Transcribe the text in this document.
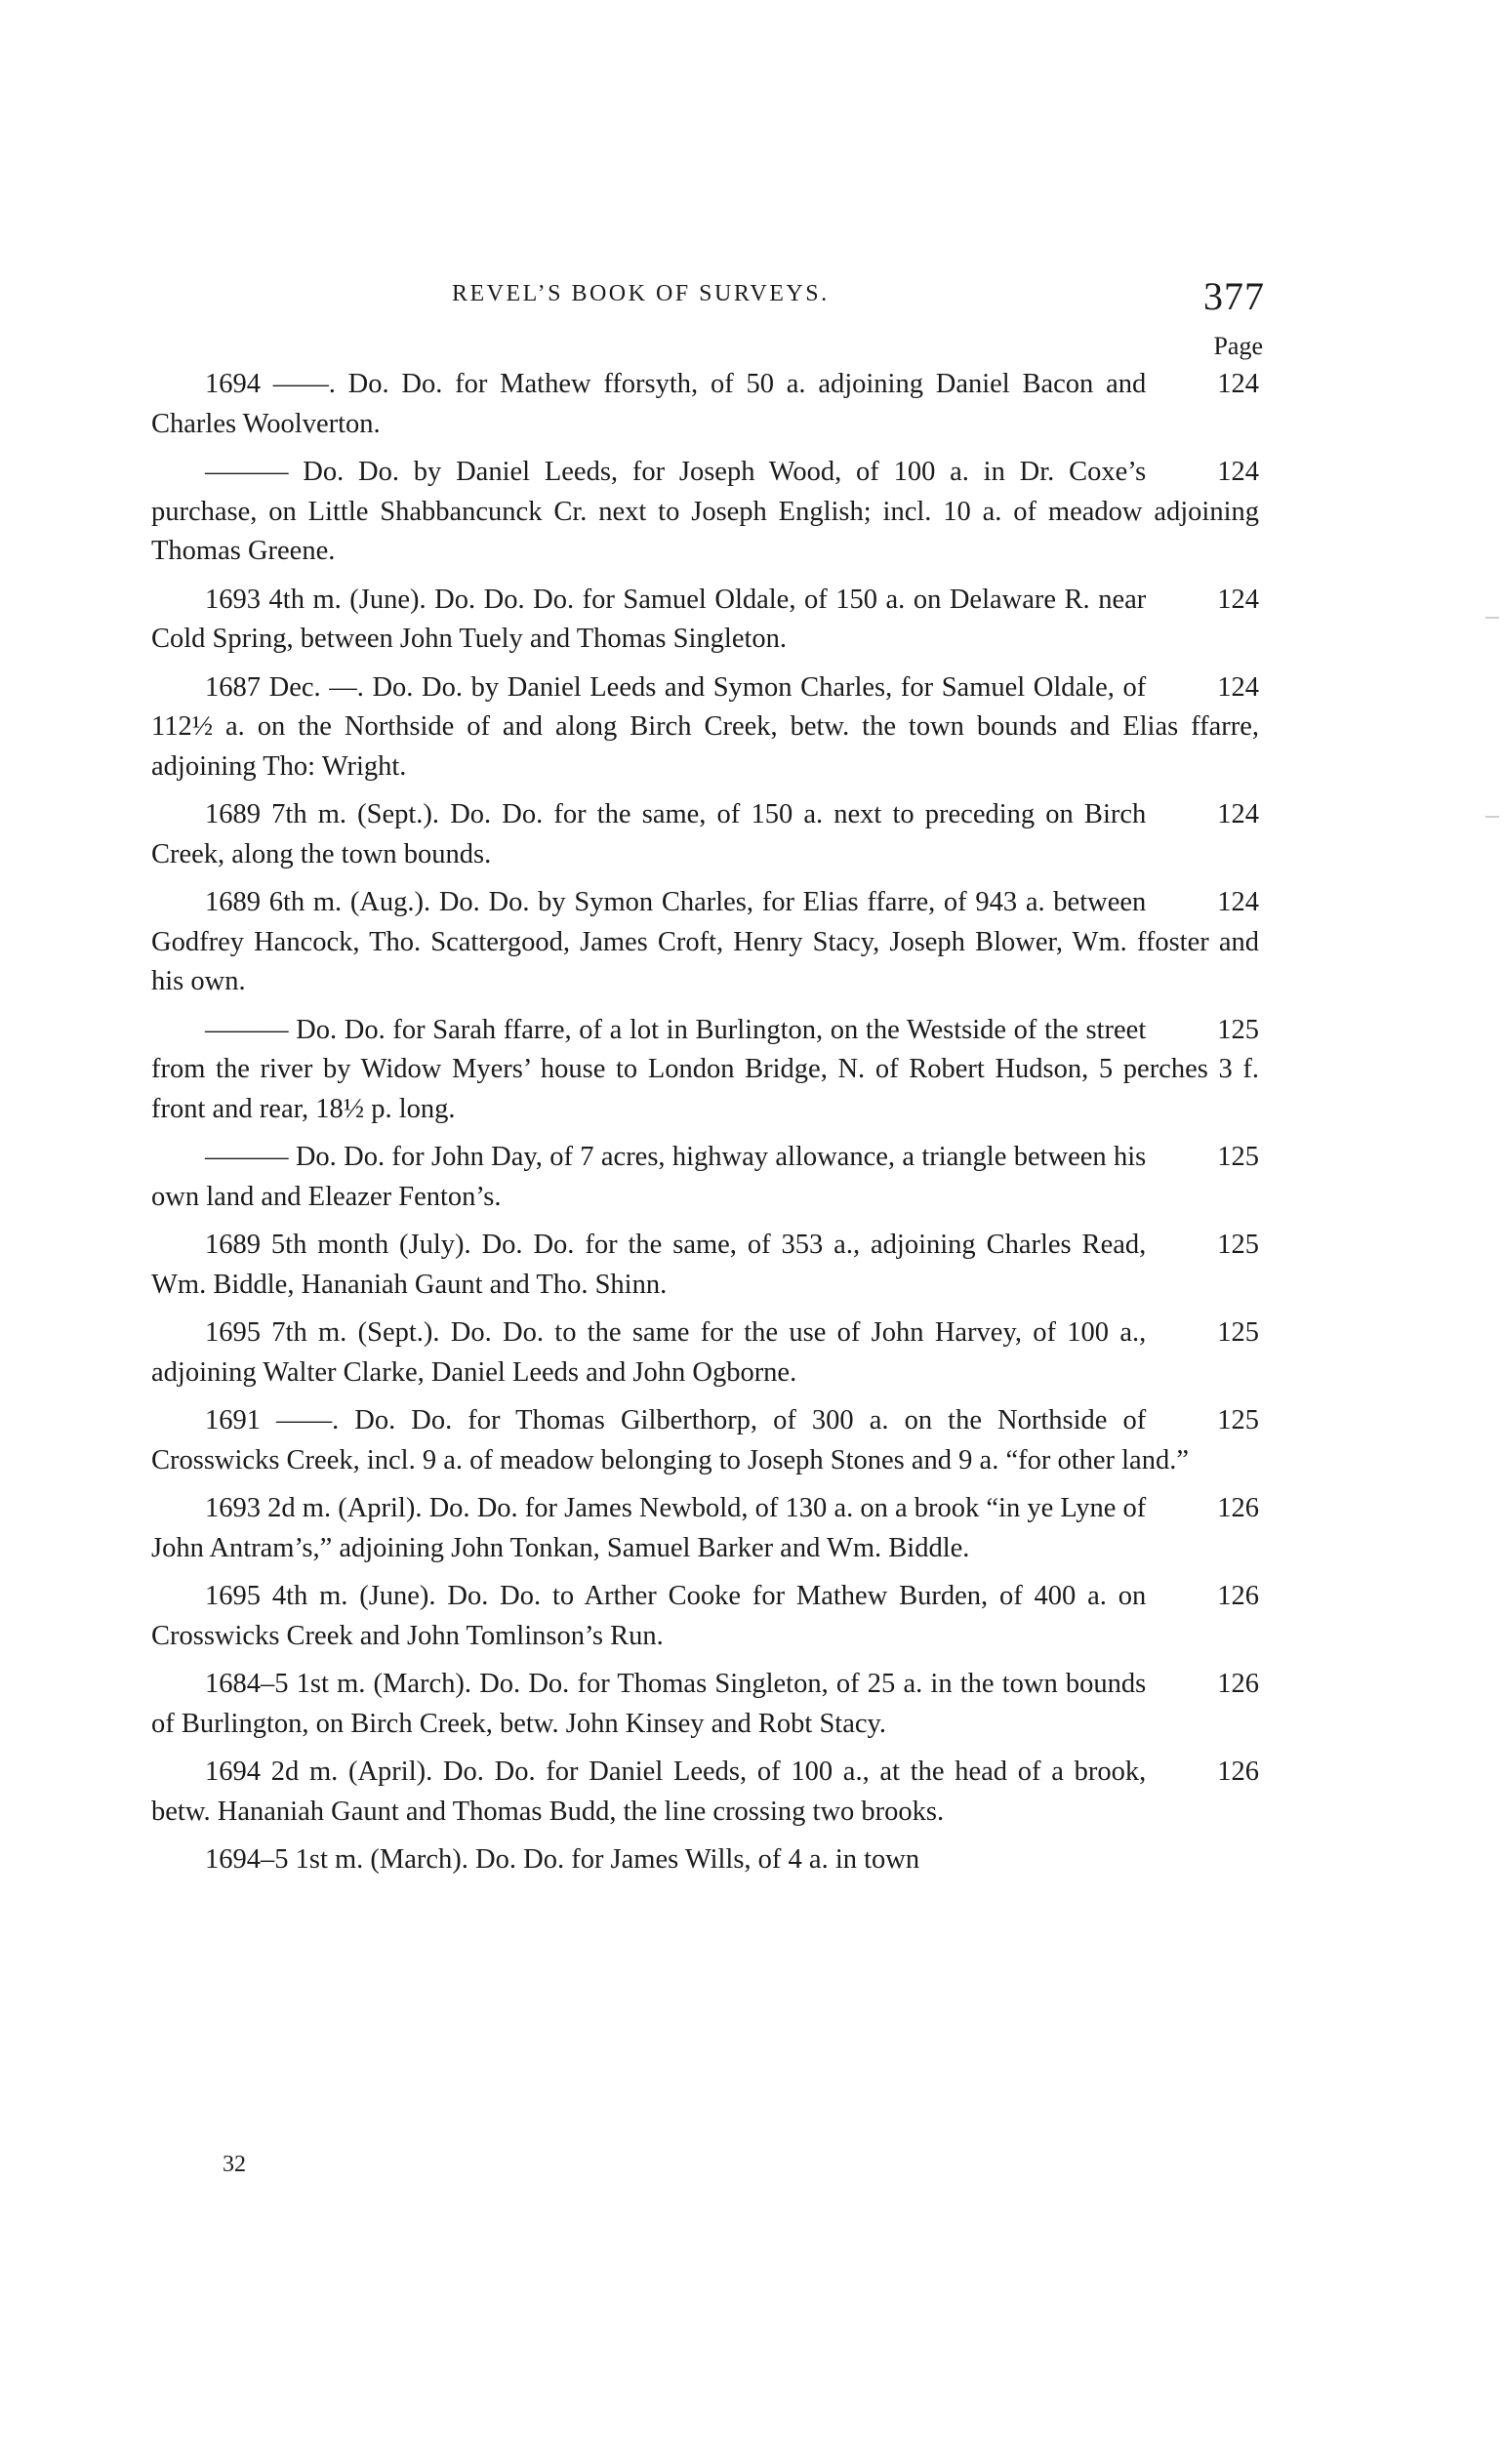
REVEL’S BOOK OF SURVEYS.	377
Page

124
1694 ——. Do. Do. for Mathew fforsyth, of 50 a. adjoining Daniel Bacon and Charles Woolverton.

124
——— Do. Do. by Daniel Leeds, for Joseph Wood, of 100 a. in Dr. Coxe’s purchase, on Little Shabbancunck Cr. next to Joseph English; incl. 10 a. of meadow adjoining Thomas Greene.

124
1693 4th m. (June). Do. Do. Do. for Samuel Oldale, of 150 a. on Delaware R. near Cold Spring, between John Tuely and Thomas Singleton.

124
1687 Dec. —. Do. Do. by Daniel Leeds and Symon Charles, for Samuel Oldale, of 112½ a. on the Northside of and along Birch Creek, betw. the town bounds and Elias ffarre, adjoining Tho: Wright.

124
1689 7th m. (Sept.). Do. Do. for the same, of 150 a. next to preceding on Birch Creek, along the town bounds.

124
1689 6th m. (Aug.). Do. Do. by Symon Charles, for Elias ffarre, of 943 a. between Godfrey Hancock, Tho. Scattergood, James Croft, Henry Stacy, Joseph Blower, Wm. ffoster and his own.

125
——— Do. Do. for Sarah ffarre, of a lot in Burlington, on the Westside of the street from the river by Widow Myers’ house to London Bridge, N. of Robert Hudson, 5 perches 3 f. front and rear, 18½ p. long.

125
——— Do. Do. for John Day, of 7 acres, highway allowance, a triangle between his own land and Eleazer Fenton’s.

125
1689 5th month (July). Do. Do. for the same, of 353 a., adjoining Charles Read, Wm. Biddle, Hananiah Gaunt and Tho. Shinn.

125
1695 7th m. (Sept.). Do. Do. to the same for the use of John Harvey, of 100 a., adjoining Walter Clarke, Daniel Leeds and John Ogborne.

125
1691 ——. Do. Do. for Thomas Gilberthorp, of 300 a. on the Northside of Crosswicks Creek, incl. 9 a. of meadow belonging to Joseph Stones and 9 a. “for other land.”

126
1693 2d m. (April). Do. Do. for James Newbold, of 130 a. on a brook “in ye Lyne of John Antram’s,” adjoining John Tonkan, Samuel Barker and Wm. Biddle.

126
1695 4th m. (June). Do. Do. to Arther Cooke for Mathew Burden, of 400 a. on Crosswicks Creek and John Tomlinson’s Run.

126
1684–5 1st m. (March). Do. Do. for Thomas Singleton, of 25 a. in the town bounds of Burlington, on Birch Creek, betw. John Kinsey and Robt Stacy.

126
1694 2d m. (April). Do. Do. for Daniel Leeds, of 100 a., at the head of a brook, betw. Hananiah Gaunt and Thomas Budd, the line crossing two brooks.

1694–5 1st m. (March). Do. Do. for James Wills, of 4 a. in town

32
